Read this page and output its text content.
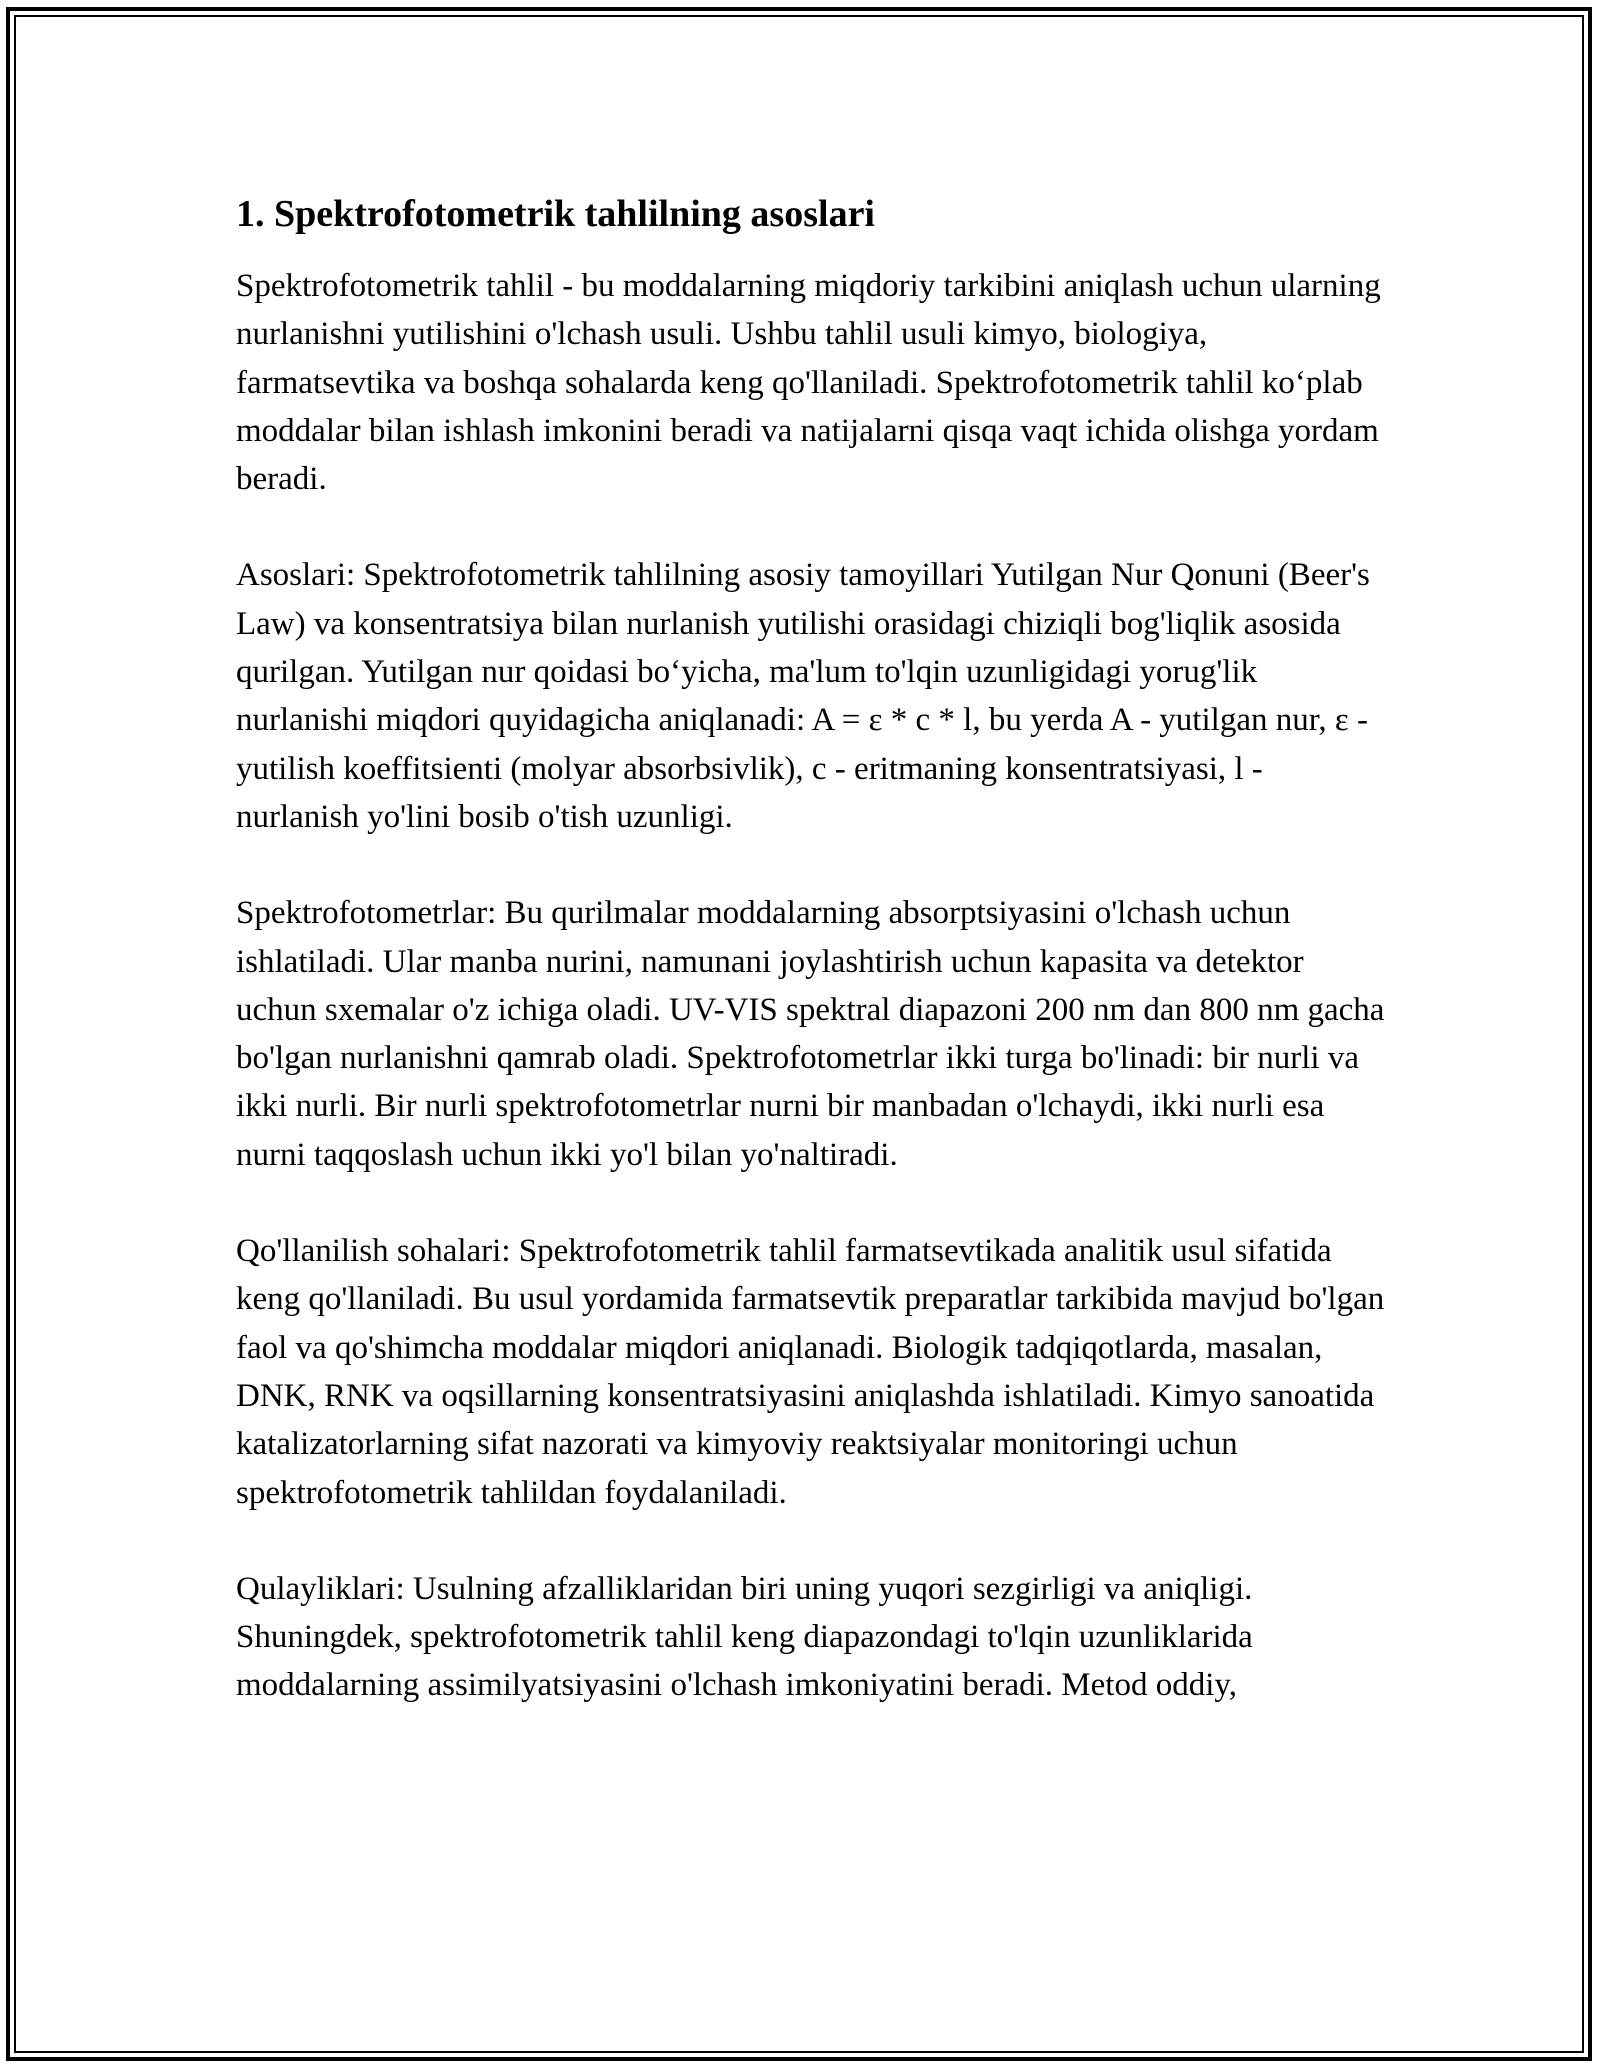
1. Spektrofotometrik tahlilning asoslari

Spektrofotometrik tahlil - bu moddalarning miqdoriy tarkibini aniqlash uchun ularning nurlanishni yutilishini o'lchash usuli. Ushbu tahlil usuli kimyo, biologiya, farmatsevtika va boshqa sohalarda keng qo'llaniladi. Spektrofotometrik tahlil ko‘plab moddalar bilan ishlash imkonini beradi va natijalarni qisqa vaqt ichida olishga yordam beradi.

Asoslari: Spektrofotometrik tahlilning asosiy tamoyillari Yutilgan Nur Qonuni (Beer's Law) va konsentratsiya bilan nurlanish yutilishi orasidagi chiziqli bog'liqlik asosida qurilgan. Yutilgan nur qoidasi bo‘yicha, ma'lum to'lqin uzunligidagi yorug'lik nurlanishi miqdori quyidagicha aniqlanadi: A = ε * c * l, bu yerda A - yutilgan nur, ε - yutilish koeffitsienti (molyar absorbsivlik), c - eritmaning konsentratsiyasi, l - nurlanish yo'lini bosib o'tish uzunligi.

Spektrofotometrlar: Bu qurilmalar moddalarning absorptsiyasini o'lchash uchun ishlatiladi. Ular manba nurini, namunani joylashtirish uchun kapasita va detektor uchun sxemalar o'z ichiga oladi. UV-VIS spektral diapazoni 200 nm dan 800 nm gacha bo'lgan nurlanishni qamrab oladi. Spektrofotometrlar ikki turga bo'linadi: bir nurli va ikki nurli. Bir nurli spektrofotometrlar nurni bir manbadan o'lchaydi, ikki nurli esa nurni taqqoslash uchun ikki yo'l bilan yo'naltiradi.

Qo'llanilish sohalari: Spektrofotometrik tahlil farmatsevtikada analitik usul sifatida keng qo'llaniladi. Bu usul yordamida farmatsevtik preparatlar tarkibida mavjud bo'lgan faol va qo'shimcha moddalar miqdori aniqlanadi. Biologik tadqiqotlarda, masalan, DNK, RNK va oqsillarning konsentratsiyasini aniqlashda ishlatiladi. Kimyo sanoatida katalizatorlarning sifat nazorati va kimyoviy reaktsiyalar monitoringi uchun spektrofotometrik tahlildan foydalaniladi.

Qulayliklari: Usulning afzalliklaridan biri uning yuqori sezgirligi va aniqligi. Shuningdek, spektrofotometrik tahlil keng diapazondagi to'lqin uzunliklarida moddalarning assimilyatsiyasini o'lchash imkoniyatini beradi. Metod oddiy,
